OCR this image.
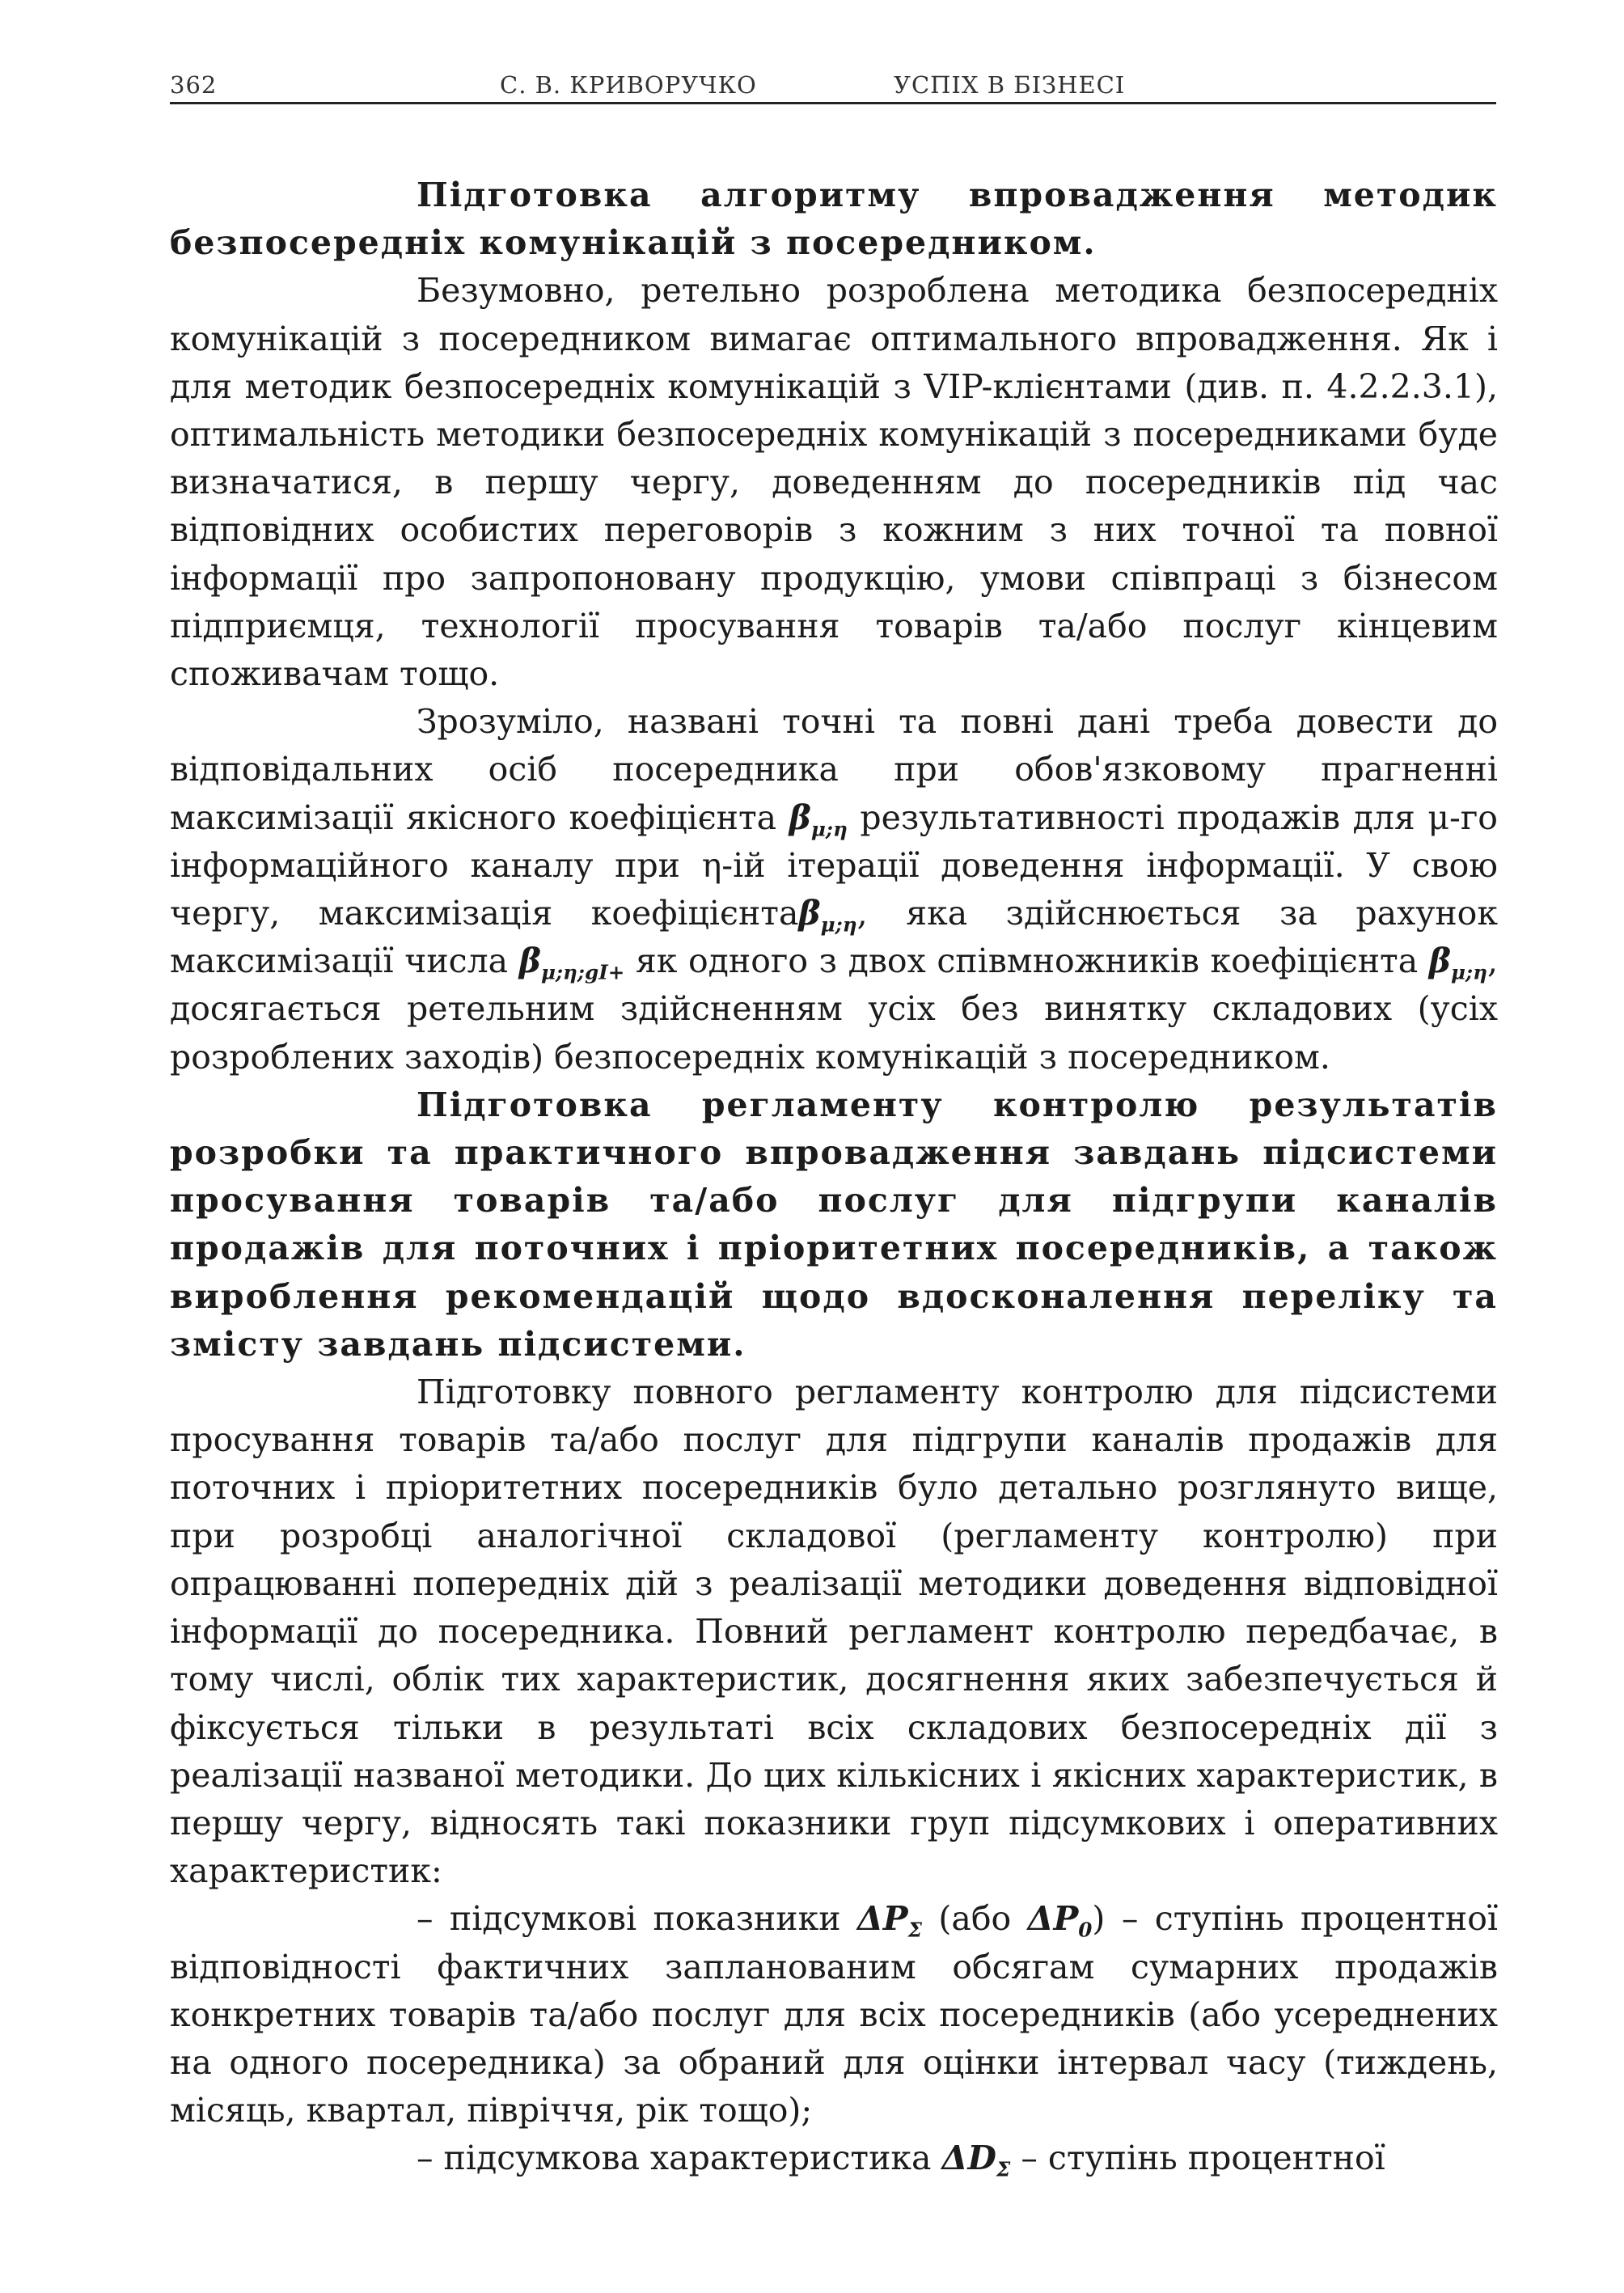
362	С. В. КРИВОРУЧКО	УСПІХ В БІЗНЕСІ

Підготовка алгоритму впровадження методик безпосередніх комунікацій з посередником.

Безумовно, ретельно розроблена методика безпосередніх комунікацій з посередником вимагає оптимального впровадження. Як і для методик безпосередніх комунікацій з VIP-клієнтами (див. п. 4.2.2.3.1), оптимальність методики безпосередніх комунікацій з посередниками буде визначатися, в першу чергу, доведенням до посередників під час відповідних особистих переговорів з кожним з них точної та повної інформації про запропоновану продукцію, умови співпраці з бізнесом підприємця, технології просування товарів та/або послуг кінцевим споживачам тощо.

Зрозуміло, названі точні та повні дані треба довести до відповідальних осіб посередника при обов'язковому прагненні максимізації якісного коефіцієнта $\beta_{\mu;\eta}$ результативності продажів для μ-го інформаційного каналу при η-ій ітерації доведення інформації. У свою чергу, максимізація коефіцієнтаβ$_{\mu;\eta}$, яка здійснюється за рахунок максимізації числа $\beta_{\mu;\eta;gI+}$ як одного з двох співмножників коефіцієнта $\beta_{\mu;\eta}$, досягається ретельним здійсненням усіх без винятку складових (усіх розроблених заходів) безпосередніх комунікацій з посередником.

Підготовка регламенту контролю результатів розробки та практичного впровадження завдань підсистеми просування товарів та/або послуг для підгрупи каналів продажів для поточних і пріоритетних посередників, а також вироблення рекомендацій щодо вдосконалення переліку та змісту завдань підсистеми.

Підготовку повного регламенту контролю для підсистеми просування товарів та/або послуг для підгрупи каналів продажів для поточних і пріоритетних посередників було детально розглянуто вище, при розробці аналогічної складової (регламенту контролю) при опрацюванні попередніх дій з реалізації методики доведення відповідної інформації до посередника. Повний регламент контролю передбачає, в тому числі, облік тих характеристик, досягнення яких забезпечується й фіксується тільки в результаті всіх складових безпосередніх дії з реалізації названої методики. До цих кількісних і якісних характеристик, в першу чергу, відносять такі показники груп підсумкових і оперативних характеристик:

– підсумкові показники $\Delta P_\Sigma$ (або $\Delta P_0$) – ступінь процентної відповідності фактичних запланованим обсягам сумарних продажів конкретних товарів та/або послуг для всіх посередників (або усереднених на одного посередника) за обраний для оцінки інтервал часу (тиждень, місяць, квартал, півріччя, рік тощо);

– підсумкова характеристика $\Delta D_\Sigma$ – ступінь процентної
